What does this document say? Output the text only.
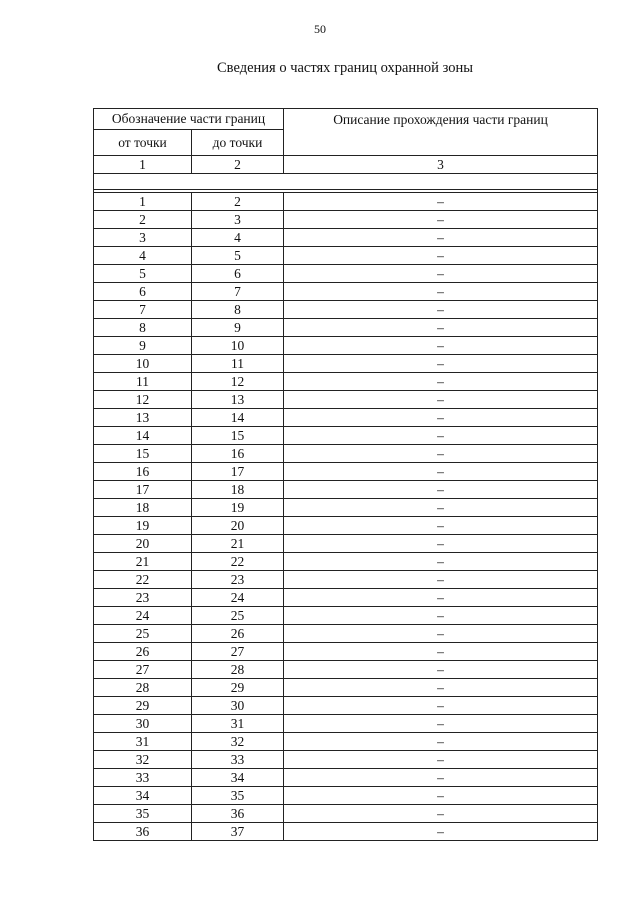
50
Сведения о частях границ охранной зоны
Обозначение части границ		Описание прохождения части границ
от точки	до точки	
1	2	3

1	2	–
2	3	–
3	4	–
4	5	–
5	6	–
6	7	–
7	8	–
8	9	–
9	10	–
10	11	–
11	12	–
12	13	–
13	14	–
14	15	–
15	16	–
16	17	–
17	18	–
18	19	–
19	20	–
20	21	–
21	22	–
22	23	–
23	24	–
24	25	–
25	26	–
26	27	–
27	28	–
28	29	–
29	30	–
30	31	–
31	32	–
32	33	–
33	34	–
34	35	–
35	36	–
36	37	–
